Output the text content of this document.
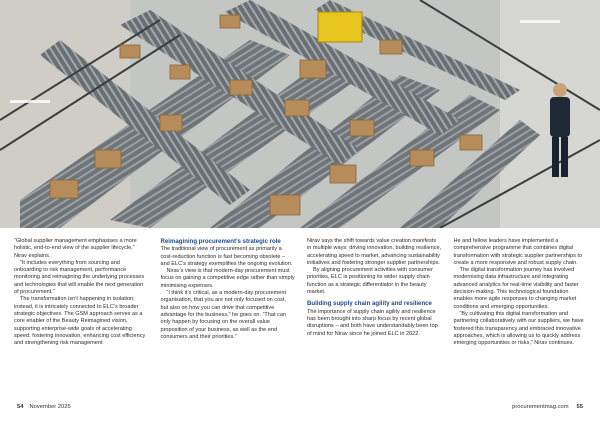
“Global supplier management emphasises a more holistic, end-to-end view of the supplier lifecycle,” Nirav explains.

“It includes everything from sourcing and onboarding to risk management, performance monitoring and reimagining the underlying processes and technologies that will enable the next generation of procurement.”

The transformation isn’t happening in isolation; instead, it is intricately connected to ELC’s broader strategic objectives. The GSM approach serves as a core enabler of the Beauty Reimagined vision, supporting enterprise-wide goals of accelerating speed, fostering innovation, enhancing cost efficiency and strengthening risk management

Reimagining procurement’s strategic role

The traditional view of procurement as primarily a cost-reduction function is fast becoming obsolete – and ELC’s strategy exemplifies the ongoing evolution.

Nirav’s view is that modern-day procurement must focus on gaining a competitive edge rather than simply minimising expenses.

“I think it’s critical, as a modern-day procurement organisation, that you are not only focused on cost, but also on how you can drive that competitive advantage for the business,” he goes on. “That can only happen by focusing on the overall value proposition of your business, as well as the end consumers and their priorities.”

Nirav says the shift towards value creation manifests in multiple ways: driving innovation, building resilience, accelerating speed to market, advancing sustainability initiatives and fostering stronger supplier partnerships.

By aligning procurement activities with consumer priorities, ELC is positioning its wider supply chain function as a strategic differentiator in the beauty market.

Building supply chain agility and resilience

The importance of supply chain agility and resilience has been brought into sharp focus by recent global disruptions – and both have understandably been top of mind for Nirav since he joined ELC in 2022.

He and fellow leaders have implemented a comprehensive programme that combines digital transformation with strategic supplier partnerships to create a more responsive and robust supply chain.

The digital transformation journey has involved modernising data infrastructure and integrating advanced analytics for real-time visibility and faster decision-making. This technological foundation enables more agile responses to changing market conditions and emerging opportunities.

“By cultivating this digital transformation and partnering collaboratively with our suppliers, we have fostered this transparency and embraced innovative approaches, which is allowing us to quickly address emerging opportunities or risks,” Nirav continues.

54 November 2025	procurementmag.com 55
